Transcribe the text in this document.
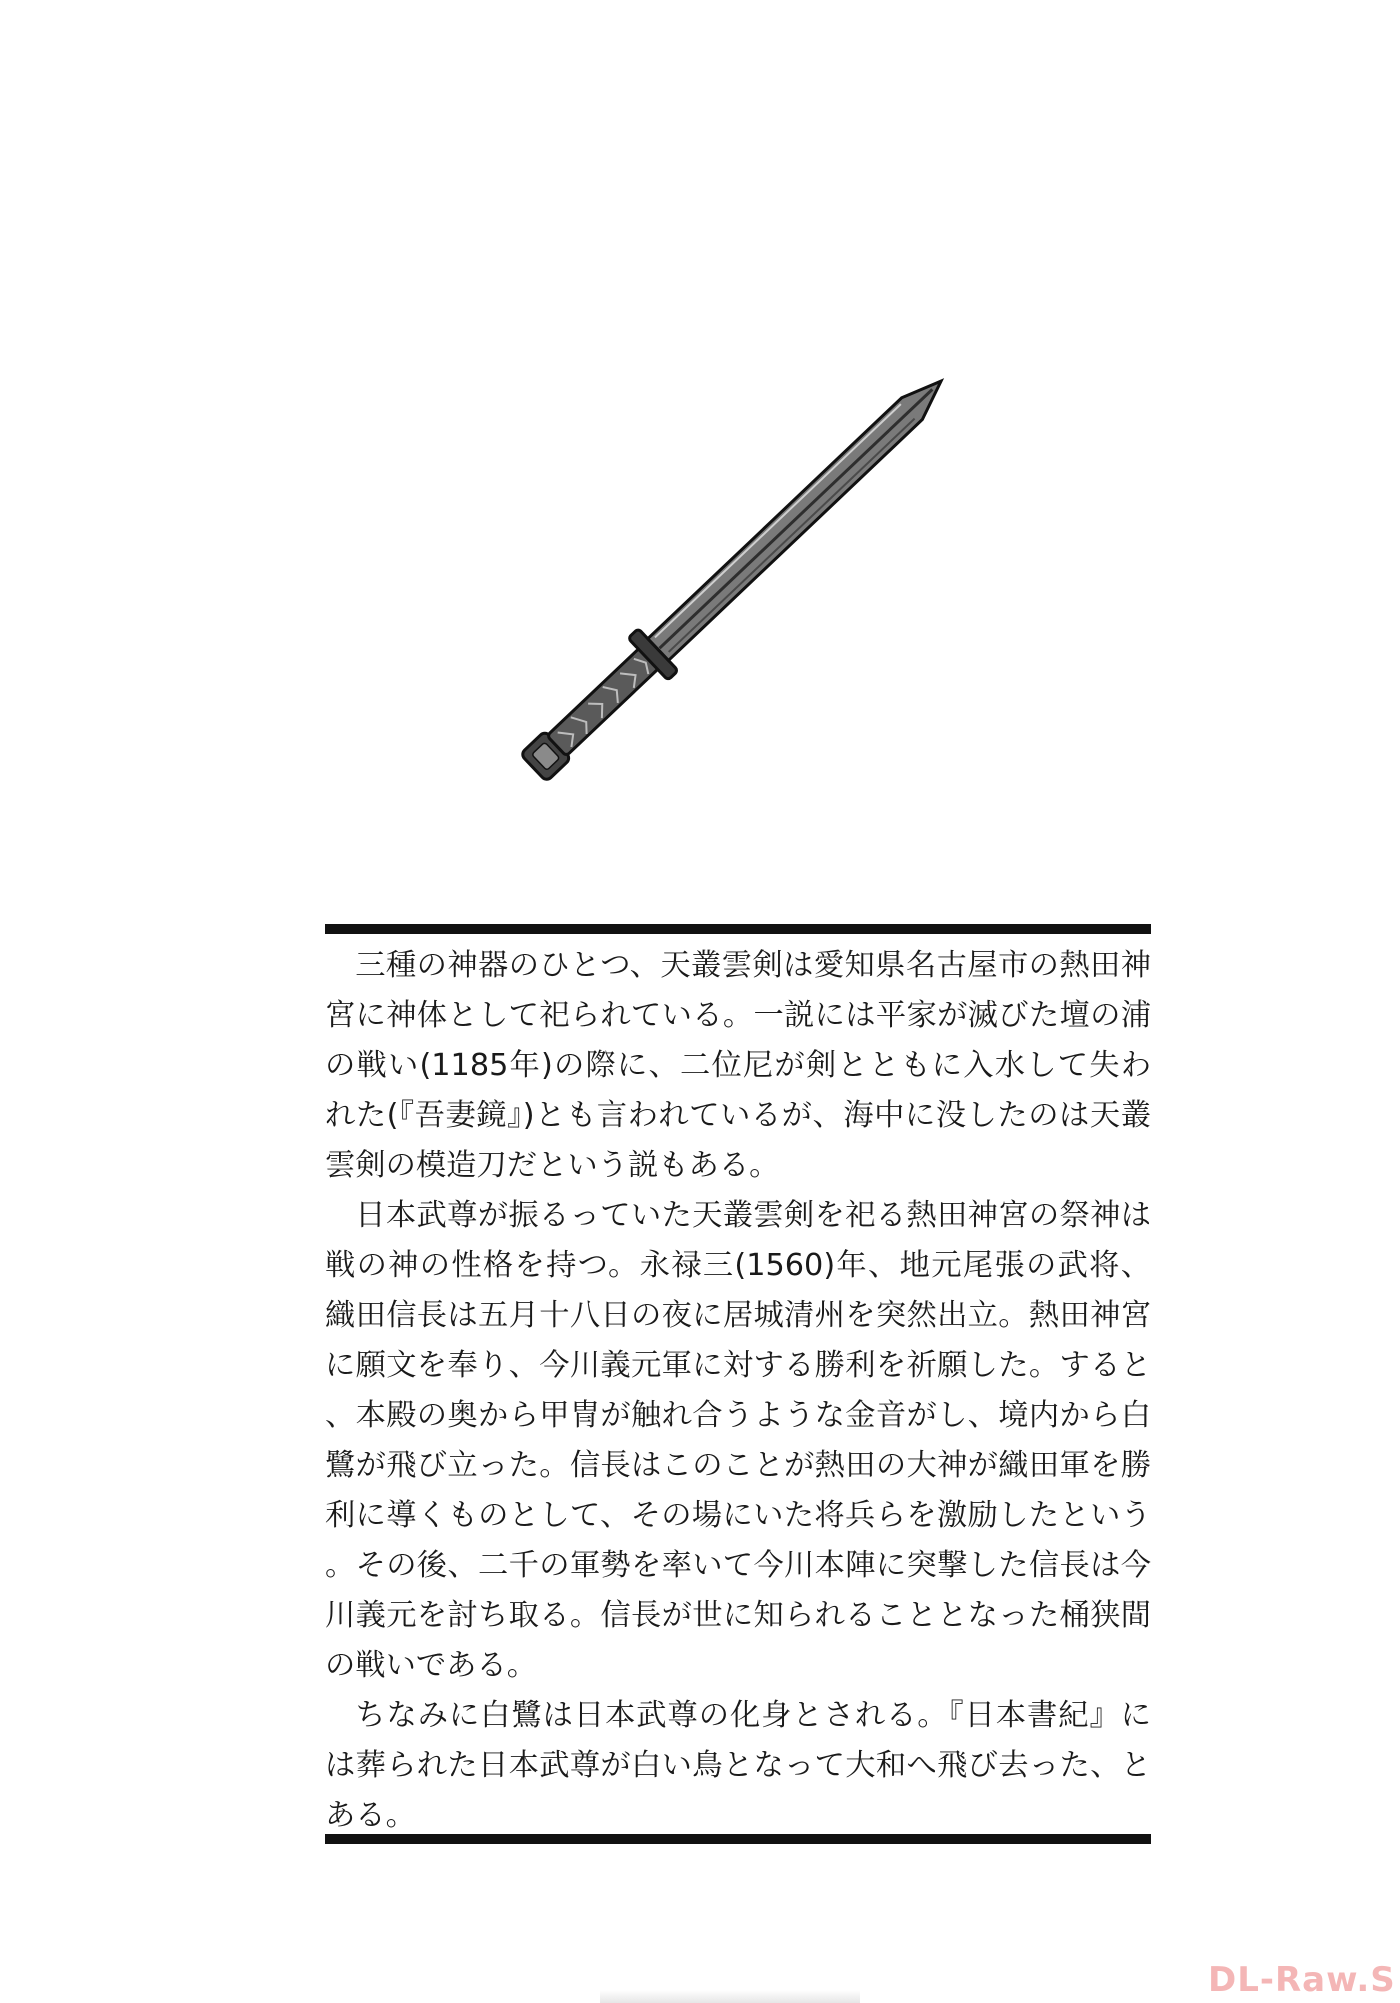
三種の神器のひとつ、天叢雲剣は愛知県名古屋市の熱田神宮に神体として祀られている。一説には平家が滅びた壇の浦の戦い(1185年)の際に、二位尼が剣とともに入水して失われた(『吾妻鏡』)とも言われているが、海中に没したのは天叢雲剣の模造刀だという説もある。

日本武尊が振るっていた天叢雲剣を祀る熱田神宮の祭神は戦の神の性格を持つ。永禄三(1560)年、地元尾張の武将、織田信長は五月十八日の夜に居城清州を突然出立。熱田神宮に願文を奉り、今川義元軍に対する勝利を祈願した。すると、本殿の奥から甲冑が触れ合うような金音がし、境内から白鷺が飛び立った。信長はこのことが熱田の大神が織田軍を勝利に導くものとして、その場にいた将兵らを激励したという。その後、二千の軍勢を率いて今川本陣に突撃した信長は今川義元を討ち取る。信長が世に知られることとなった桶狭間の戦いである。

ちなみに白鷺は日本武尊の化身とされる。『日本書紀』には葬られた日本武尊が白い鳥となって大和へ飛び去った、とある。

DL-Raw.S
